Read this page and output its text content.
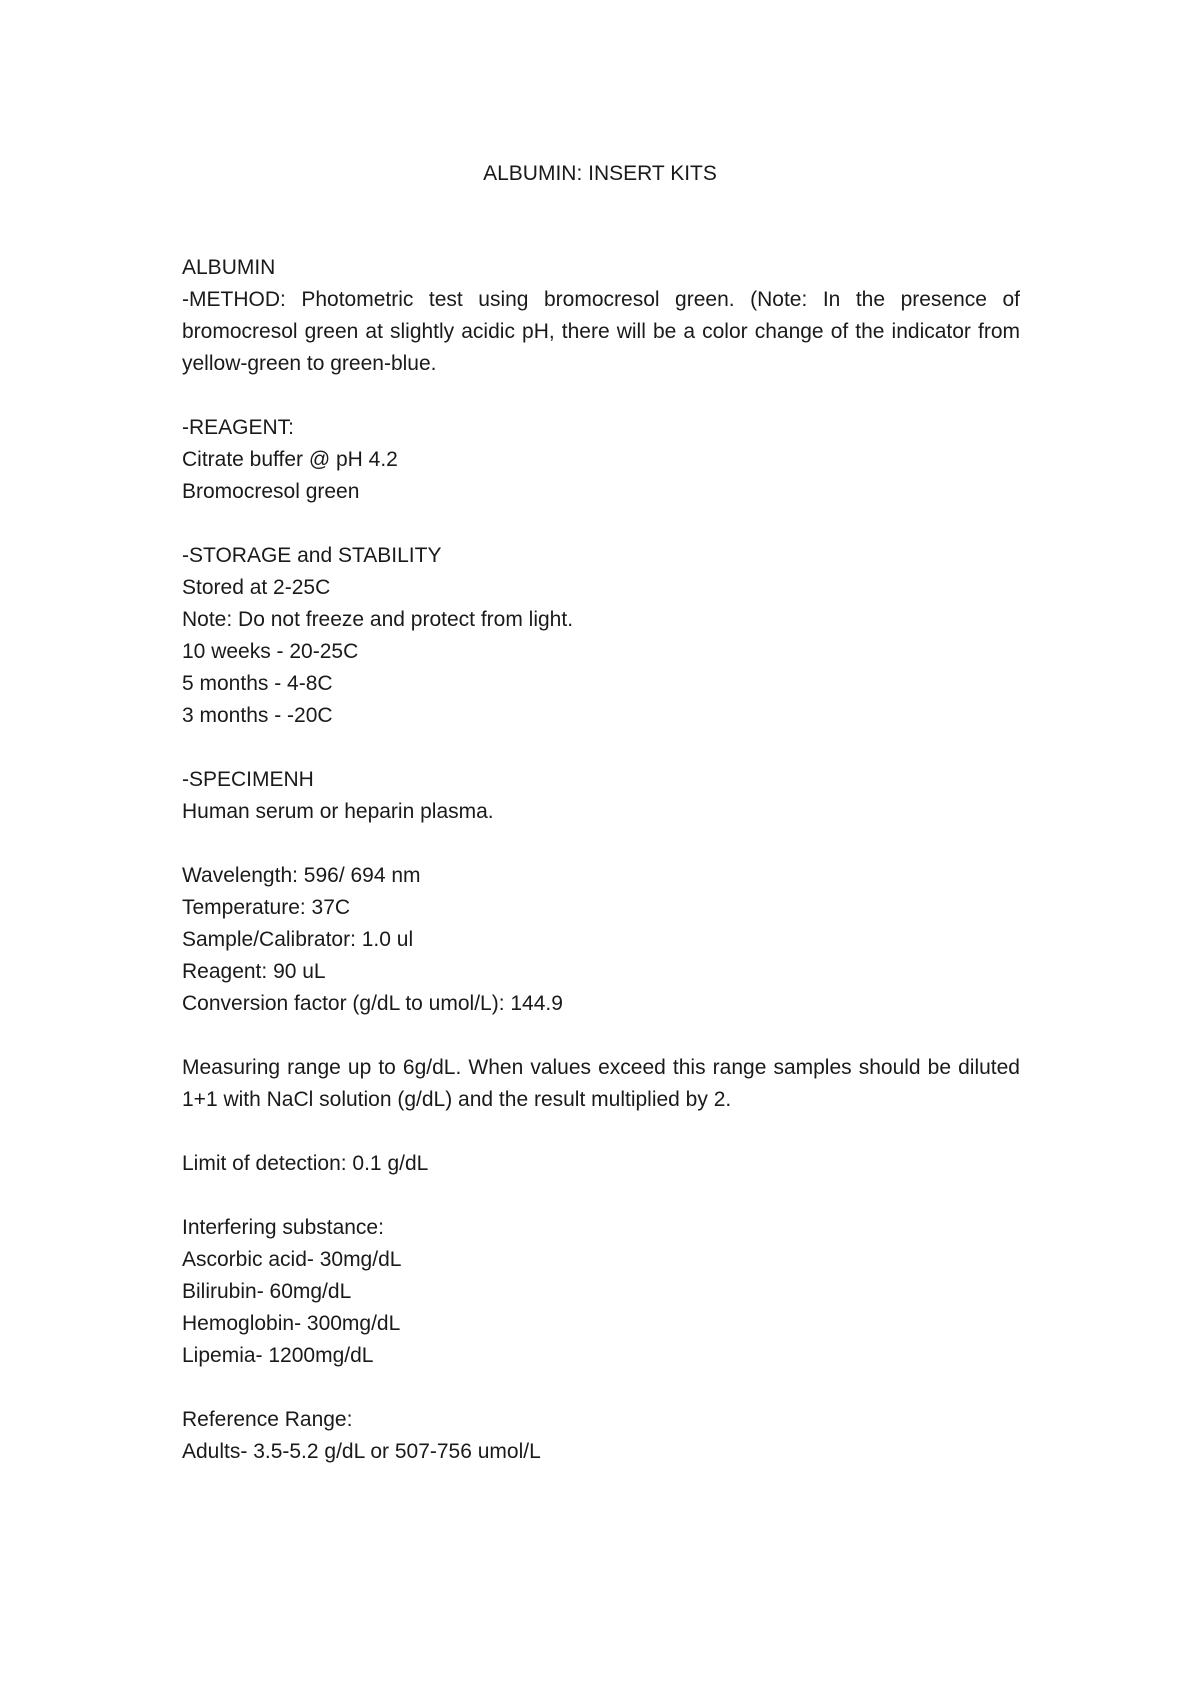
ALBUMIN: INSERT KITS
ALBUMIN
-METHOD: Photometric test using bromocresol green. (Note: In the presence of bromocresol green at slightly acidic pH, there will be a color change of the indicator from yellow-green to green-blue.
-REAGENT:
Citrate buffer @ pH 4.2
Bromocresol green
-STORAGE and STABILITY
Stored at 2-25C
Note: Do not freeze and protect from light.
10 weeks - 20-25C
5 months - 4-8C
3 months - -20C
-SPECIMENH
Human serum or heparin plasma.
Wavelength: 596/ 694 nm
Temperature: 37C
Sample/Calibrator: 1.0 ul
Reagent: 90 uL
Conversion factor (g/dL to umol/L): 144.9
Measuring range up to 6g/dL. When values exceed this range samples should be diluted 1+1 with NaCl solution (g/dL) and the result multiplied by 2.
Limit of detection: 0.1 g/dL
Interfering substance:
Ascorbic acid- 30mg/dL
Bilirubin- 60mg/dL
Hemoglobin- 300mg/dL
Lipemia- 1200mg/dL
Reference Range:
Adults- 3.5-5.2 g/dL or 507-756 umol/L
